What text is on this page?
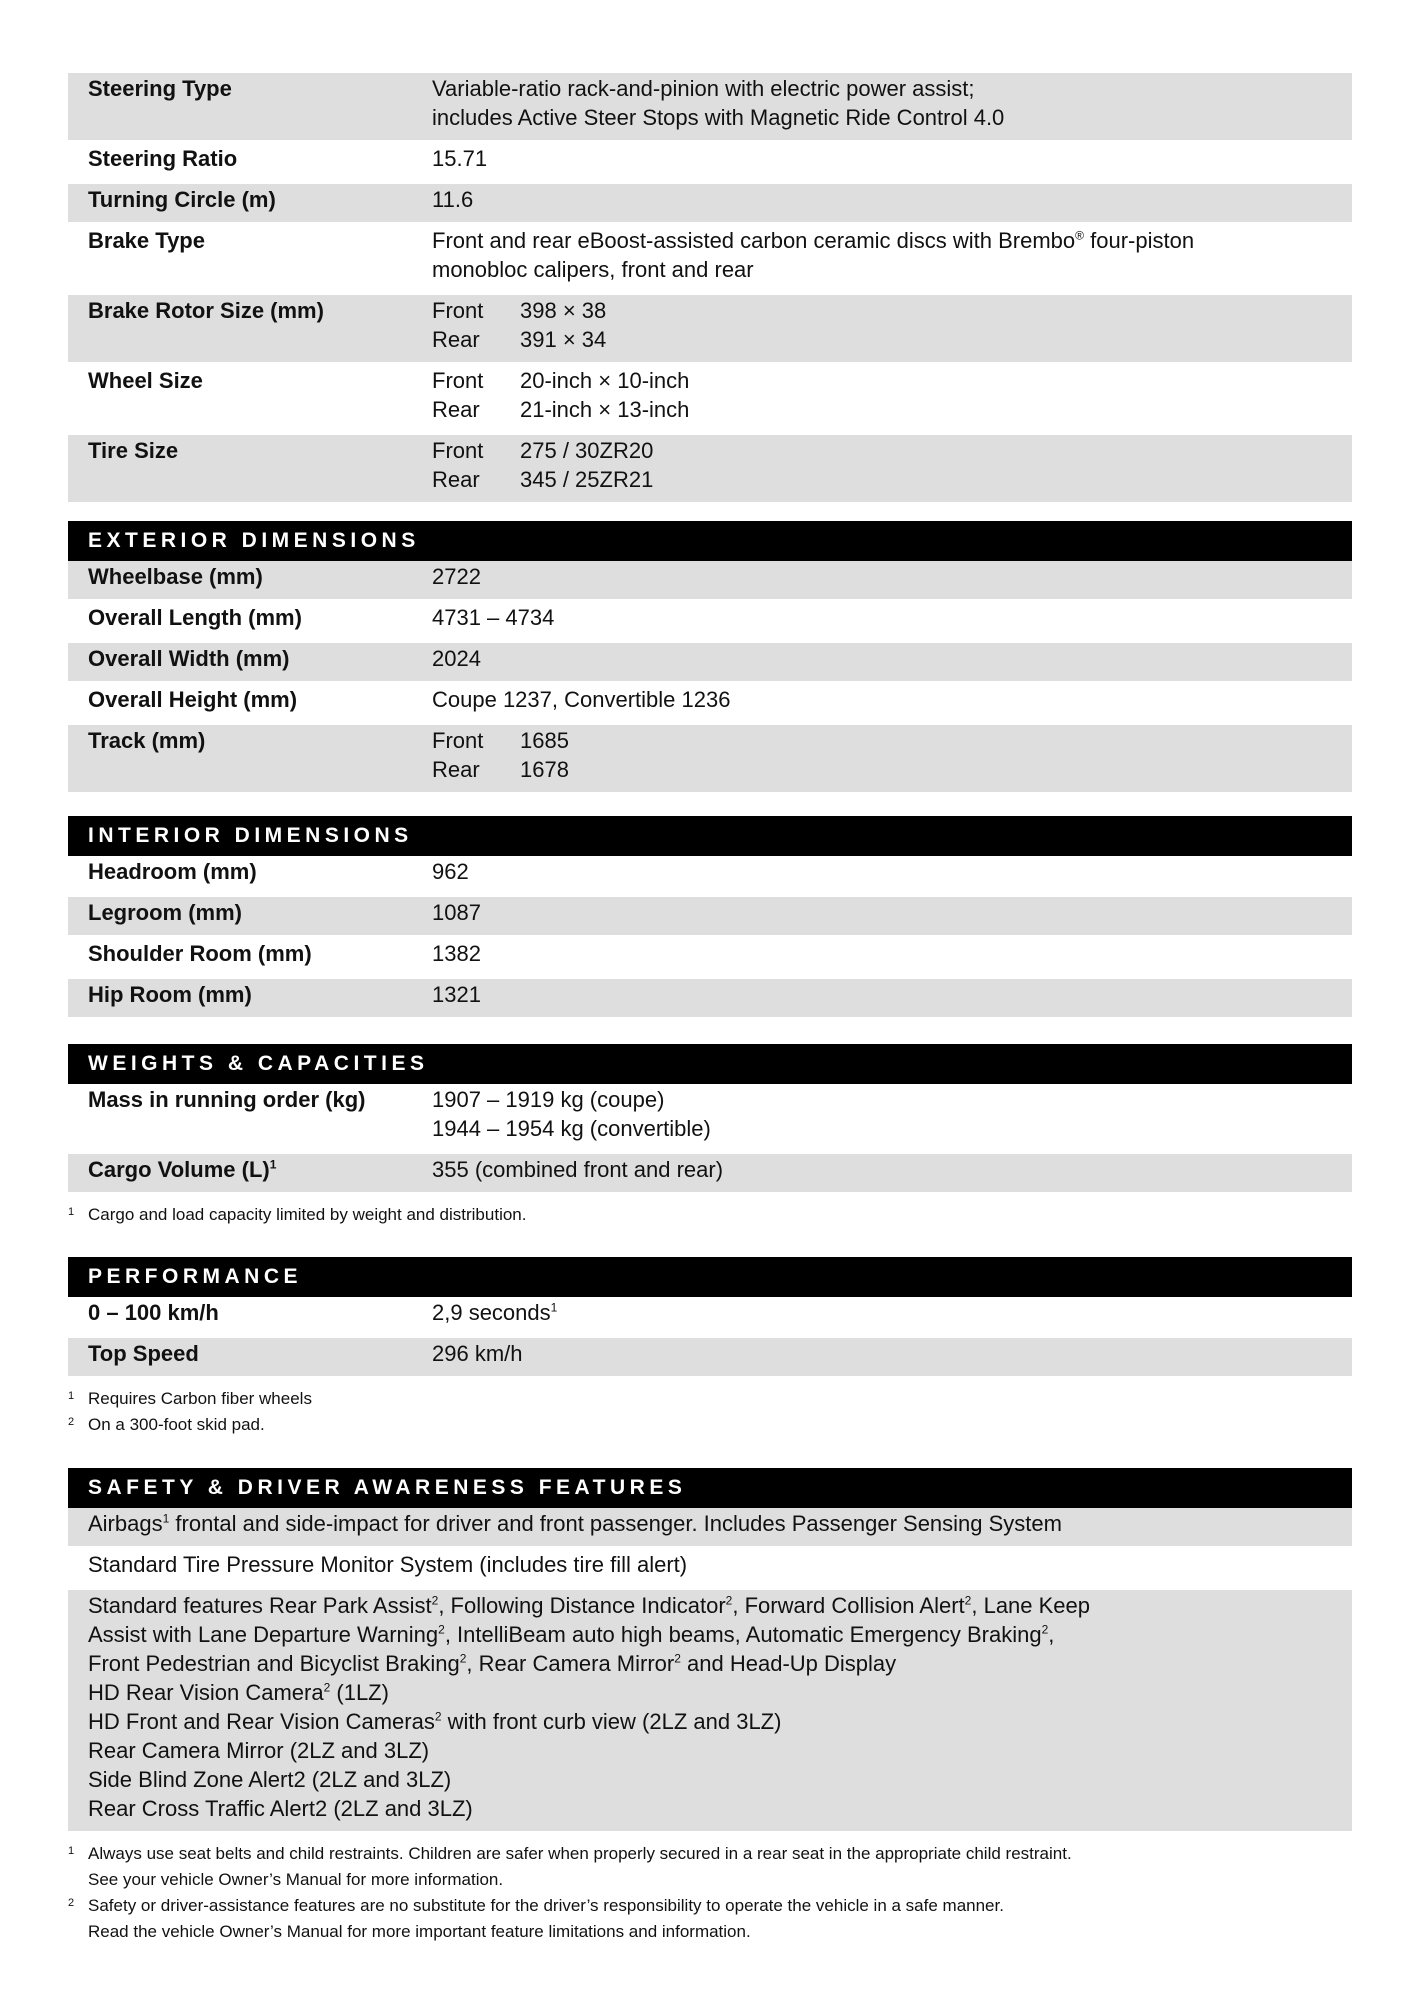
Steering Type	Variable-ratio rack-and-pinion with electric power assist;
includes Active Steer Stops with Magnetic Ride Control 4.0
Steering Ratio	15.71
Turning Circle (m)	11.6
Brake Type	Front and rear eBoost-assisted carbon ceramic discs with Brembo® four-piston
monobloc calipers, front and rear
Brake Rotor Size (mm)	Front	398 × 38
Rear	391 × 34
Wheel Size	Front	20-inch × 10-inch
Rear	21-inch × 13-inch
Tire Size	Front	275 / 30ZR20
Rear	345 / 25ZR21
EXTERIOR DIMENSIONS
Wheelbase (mm)	2722
Overall Length (mm)	4731 – 4734
Overall Width (mm)	2024
Overall Height (mm)	Coupe 1237, Convertible 1236
Track (mm)	Front	1685
Rear	1678
INTERIOR DIMENSIONS
Headroom (mm)	962
Legroom (mm)	1087
Shoulder Room (mm)	1382
Hip Room (mm)	1321
WEIGHTS & CAPACITIES
Mass in running order (kg)	1907 – 1919 kg (coupe)
1944 – 1954 kg (convertible)
Cargo Volume $(L)^1$	355 (combined front and rear)
1 Cargo and load capacity limited by weight and distribution.
PERFORMANCE
0 – 100 km/h	2,9 seconds$^1$
Top Speed	296 km/h
1 Requires Carbon fiber wheels
2 On a 300-foot skid pad.
SAFETY & DRIVER AWARENESS FEATURES
Airbags$^1$ frontal and side-impact for driver and front passenger. Includes Passenger Sensing System
Standard Tire Pressure Monitor System (includes tire fill alert)
Standard features Rear Park Assist$^2$, Following Distance Indicator$^2$, Forward Collision Alert$^2$, Lane Keep
Assist with Lane Departure Warning$^2$, IntelliBeam auto high beams, Automatic Emergency Braking$^2$,
Front Pedestrian and Bicyclist Braking$^2$, Rear Camera Mirror$^2$ and Head-Up Display
HD Rear Vision Camera$^2$ (1LZ)
HD Front and Rear Vision Cameras$^2$ with front curb view (2LZ and 3LZ)
Rear Camera Mirror (2LZ and 3LZ)
Side Blind Zone Alert2 (2LZ and 3LZ)
Rear Cross Traffic Alert2 (2LZ and 3LZ)
1 Always use seat belts and child restraints. Children are safer when properly secured in a rear seat in the appropriate child restraint.
See your vehicle Owner’s Manual for more information.
2 Safety or driver-assistance features are no substitute for the driver’s responsibility to operate the vehicle in a safe manner.
Read the vehicle Owner’s Manual for more important feature limitations and information.
